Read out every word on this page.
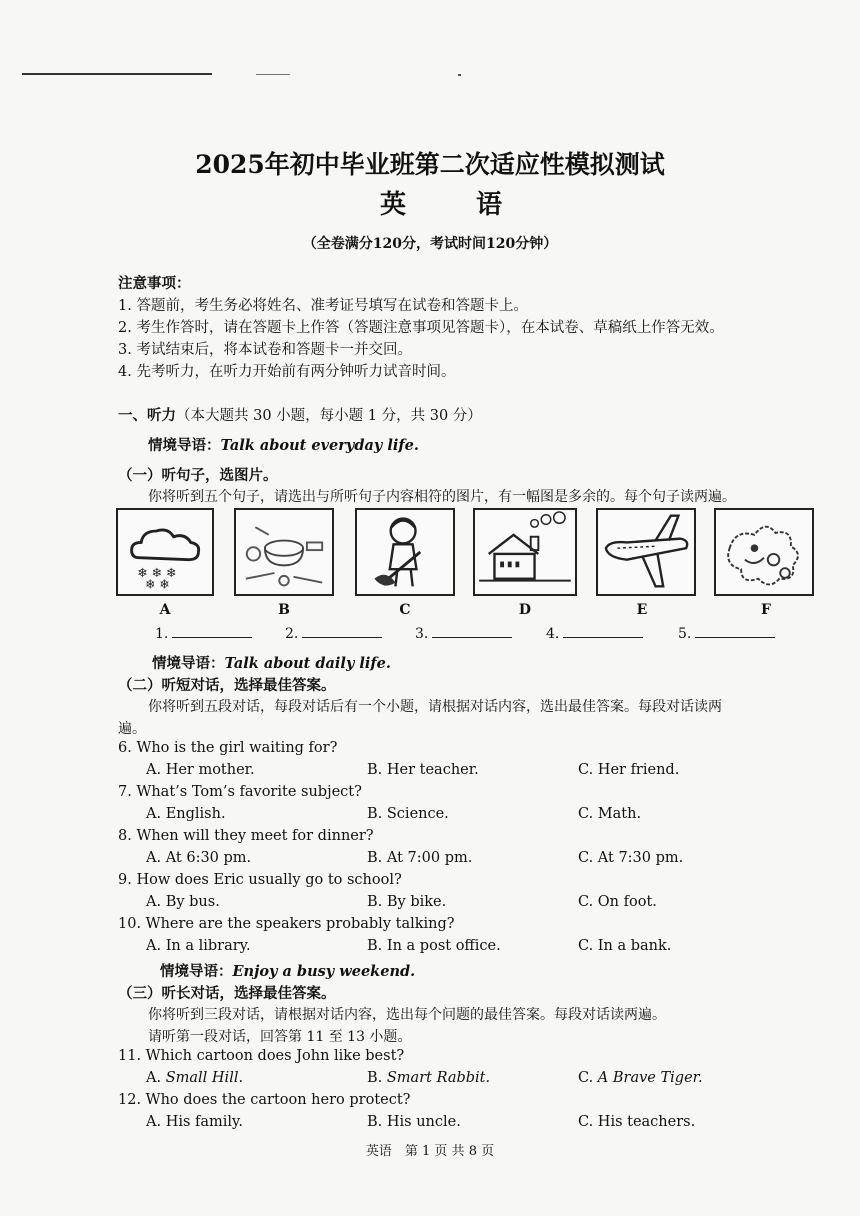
2025年初中毕业班第二次适应性模拟测试
英　语
（全卷满分120分，考试时间120分钟）
注意事项：
1. 答题前，考生务必将姓名、准考证号填写在试卷和答题卡上。
2. 考生作答时，请在答题卡上作答（答题注意事项见答题卡），在本试卷、草稿纸上作答无效。
3. 考试结束后，将本试卷和答题卡一并交回。
4. 先考听力，在听力开始前有两分钟听力试音时间。
一、听力（本大题共 30 小题，每小题 1 分，共 30 分）
情境导语：Talk about everyday life.
（一）听句子，选图片。
你将听到五个句子，请选出与所听句子内容相符的图片，有一幅图是多余的。每个句子读两遍。
❄ ❄ ❄
❄ ❄
A	B	C	D	E	F
1.	2.	3.	4.	5.
情境导语：Talk about daily life.
（二）听短对话，选择最佳答案。
你将听到五段对话，每段对话后有一个小题，请根据对话内容，选出最佳答案。每段对话读两
遍。
6. Who is the girl waiting for?
A. Her mother.	B. Her teacher.	C. Her friend.
7. What’s Tom’s favorite subject?
A. English.	B. Science.	C. Math.
8. When will they meet for dinner?
A. At 6:30 pm.	B. At 7:00 pm.	C. At 7:30 pm.
9. How does Eric usually go to school?
A. By bus.	B. By bike.	C. On foot.
10. Where are the speakers probably talking?
A. In a library.	B. In a post office.	C. In a bank.
情境导语：Enjoy a busy weekend.
（三）听长对话，选择最佳答案。
你将听到三段对话，请根据对话内容，选出每个问题的最佳答案。每段对话读两遍。
请听第一段对话，回答第 11 至 13 小题。
11. Which cartoon does John like best?
A. Small Hill.	B. Smart Rabbit.	C. A Brave Tiger.
12. Who does the cartoon hero protect?
A. His family.	B. His uncle.	C. His teachers.
英语　第 1 页 共 8 页
